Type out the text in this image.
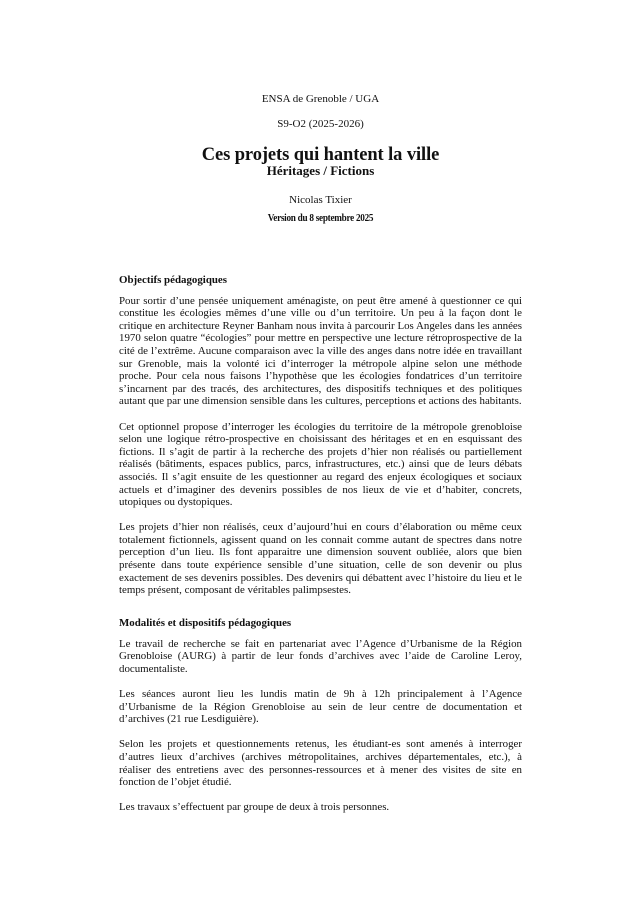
ENSA de Grenoble / UGA
S9-O2 (2025-2026)
Ces projets qui hantent la ville
Héritages / Fictions
Nicolas Tixier
Version du 8 septembre 2025
Objectifs pédagogiques

Pour sortir d’une pensée uniquement aménagiste, on peut être amené à questionner ce qui constitue les écologies mêmes d’une ville ou d’un territoire. Un peu à la façon dont le critique en architecture Reyner Banham nous invita à parcourir Los Angeles dans les années 1970 selon quatre “écologies” pour mettre en perspective une lecture rétroprospective de la cité de l’extrême. Aucune comparaison avec la ville des anges dans notre idée en travaillant sur Grenoble, mais la volonté ici d’interroger la métropole alpine selon une méthode proche. Pour cela nous faisons l’hypothèse que les écologies fondatrices d’un territoire s’incarnent par des tracés, des architectures, des dispositifs techniques et des politiques autant que par une dimension sensible dans les cultures, perceptions et actions des habitants.

Cet optionnel propose d’interroger les écologies du territoire de la métropole grenobloise selon une logique rétro-prospective en choisissant des héritages et en en esquissant des fictions. Il s’agit de partir à la recherche des projets d’hier non réalisés ou partiellement réalisés (bâtiments, espaces publics, parcs, infrastructures, etc.) ainsi que de leurs débats associés. Il s’agit ensuite de les questionner au regard des enjeux écologiques et sociaux actuels et d’imaginer des devenirs possibles de nos lieux de vie et d’habiter, concrets, utopiques ou dystopiques.

Les projets d’hier non réalisés, ceux d’aujourd’hui en cours d’élaboration ou même ceux totalement fictionnels, agissent quand on les connait comme autant de spectres dans notre perception d’un lieu. Ils font apparaitre une dimension souvent oubliée, alors que bien présente dans toute expérience sensible d’une situation, celle de son devenir ou plus exactement de ses devenirs possibles. Des devenirs qui débattent avec l’histoire du lieu et le temps présent, composant de véritables palimpsestes.

Modalités et dispositifs pédagogiques

Le travail de recherche se fait en partenariat avec l’Agence d’Urbanisme de la Région Grenobloise (AURG) à partir de leur fonds d’archives avec l’aide de Caroline Leroy, documentaliste.

Les séances auront lieu les lundis matin de 9h à 12h principalement à l’Agence d’Urbanisme de la Région Grenobloise au sein de leur centre de documentation et d’archives (21 rue Lesdiguière).

Selon les projets et questionnements retenus, les étudiant-es sont amenés à interroger d’autres lieux d’archives (archives métropolitaines, archives départementales, etc.), à réaliser des entretiens avec des personnes-ressources et à mener des visites de site en fonction de l’objet étudié.

Les travaux s’effectuent par groupe de deux à trois personnes.
